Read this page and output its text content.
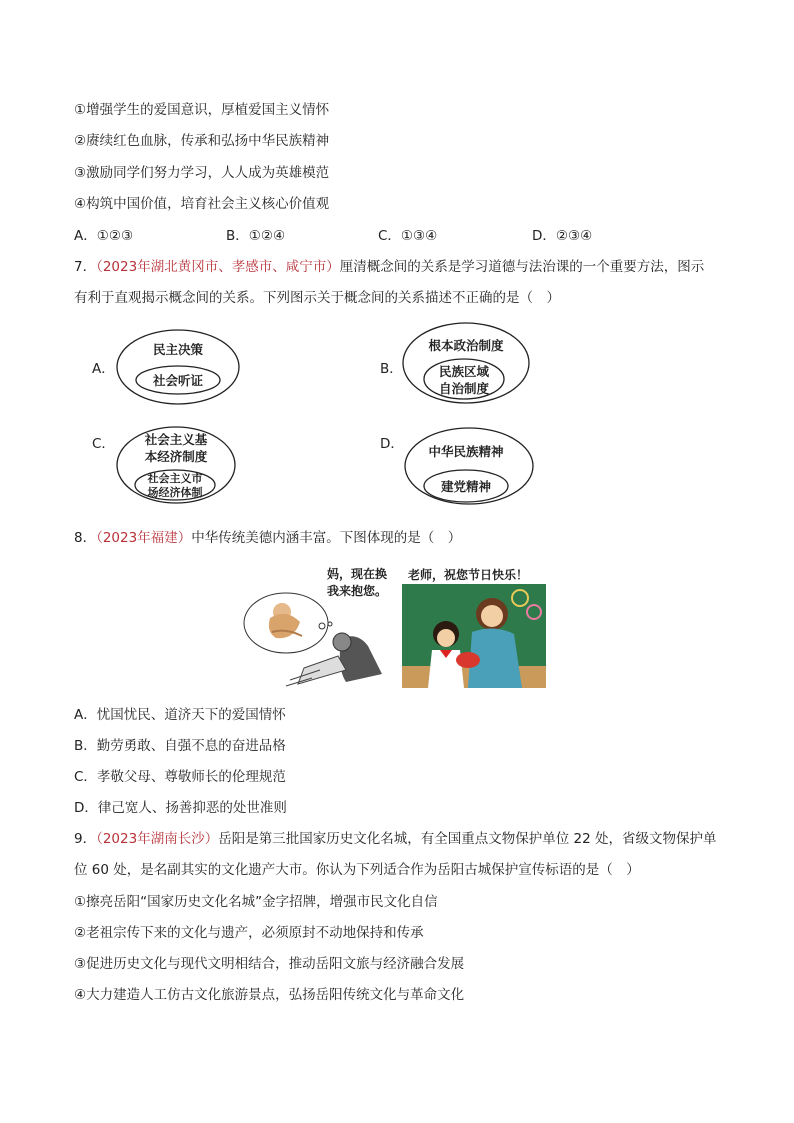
①增强学生的爱国意识，厚植爱国主义情怀
②赓续红色血脉，传承和弘扬中华民族精神
③激励同学们努力学习，人人成为英雄模范
④构筑中国价值，培育社会主义核心价值观
A．①②③	B．①②④	C．①③④	D．②③④
7．（2023年湖北黄冈市、孝感市、咸宁市）厘清概念间的关系是学习道德与法治课的一个重要方法，图示
有利于直观揭示概念间的关系。下列图示关于概念间的关系描述不正确的是（　）
A．
民主决策
社会听证
B．
根本政治制度
民族区域
自治制度
C． 社会主义基
本经济制度
社会主义市
场经济体制
D． 中华民族精神
建党精神
8．（2023年福建）中华传统美德内涵丰富。下图体现的是（　）
妈，现在换
我来抱您。
老师，祝您节日快乐！
A．忧国忧民、道济天下的爱国情怀
B．勤劳勇敢、自强不息的奋进品格
C．孝敬父母、尊敬师长的伦理规范
D．律己宽人、扬善抑恶的处世准则
9．（2023年湖南长沙）岳阳是第三批国家历史文化名城，有全国重点文物保护单位 22 处，省级文物保护单
位 60 处，是名副其实的文化遗产大市。你认为下列适合作为岳阳古城保护宣传标语的是（　）
①擦亮岳阳“国家历史文化名城”金字招牌，增强市民文化自信
②老祖宗传下来的文化与遗产，必须原封不动地保持和传承
③促进历史文化与现代文明相结合，推动岳阳文旅与经济融合发展
④大力建造人工仿古文化旅游景点，弘扬岳阳传统文化与革命文化
